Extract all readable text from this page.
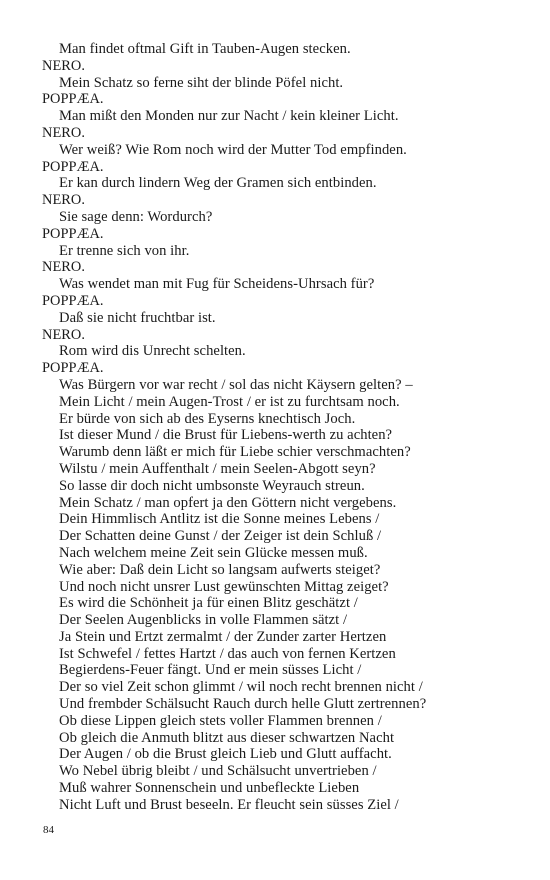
Man findet oftmal Gift in Tauben-Augen stecken.
NERO.
Mein Schatz so ferne siht der blinde Pöfel nicht.
POPPÆA.
Man mißt den Monden nur zur Nacht / kein kleiner Licht.
NERO.
Wer weiß? Wie Rom noch wird der Mutter Tod empfinden.
POPPÆA.
Er kan durch lindern Weg der Gramen sich entbinden.
NERO.
Sie sage denn: Wordurch?
POPPÆA.
Er trenne sich von ihr.
NERO.
Was wendet man mit Fug für Scheidens-Uhrsach für?
POPPÆA.
Daß sie nicht fruchtbar ist.
NERO.
Rom wird dis Unrecht schelten.
POPPÆA.
Was Bürgern vor war recht / sol das nicht Käysern gelten? –
Mein Licht / mein Augen-Trost / er ist zu furchtsam noch.
Er bürde von sich ab des Eyserns knechtisch Joch.
Ist dieser Mund / die Brust für Liebens-werth zu achten?
Warumb denn läßt er mich für Liebe schier verschmachten?
Wilstu / mein Auffenthalt / mein Seelen-Abgott seyn?
So lasse dir doch nicht umbsonste Weyrauch streun.
Mein Schatz / man opfert ja den Göttern nicht vergebens.
Dein Himmlisch Antlitz ist die Sonne meines Lebens /
Der Schatten deine Gunst / der Zeiger ist dein Schluß /
Nach welchem meine Zeit sein Glücke messen muß.
Wie aber: Daß dein Licht so langsam aufwerts steiget?
Und noch nicht unsrer Lust gewünschten Mittag zeiget?
Es wird die Schönheit ja für einen Blitz geschätzt /
Der Seelen Augenblicks in volle Flammen sätzt /
Ja Stein und Ertzt zermalmt / der Zunder zarter Hertzen
Ist Schwefel / fettes Hartzt / das auch von fernen Kertzen
Begierdens-Feuer fängt. Und er mein süsses Licht /
Der so viel Zeit schon glimmt / wil noch recht brennen nicht /
Und frembder Schälsucht Rauch durch helle Glutt zertrennen?
Ob diese Lippen gleich stets voller Flammen brennen /
Ob gleich die Anmuth blitzt aus dieser schwartzen Nacht
Der Augen / ob die Brust gleich Lieb und Glutt auffacht.
Wo Nebel übrig bleibt / und Schälsucht unvertrieben /
Muß wahrer Sonnenschein und unbefleckte Lieben
Nicht Luft und Brust beseeln. Er fleucht sein süsses Ziel /
84
